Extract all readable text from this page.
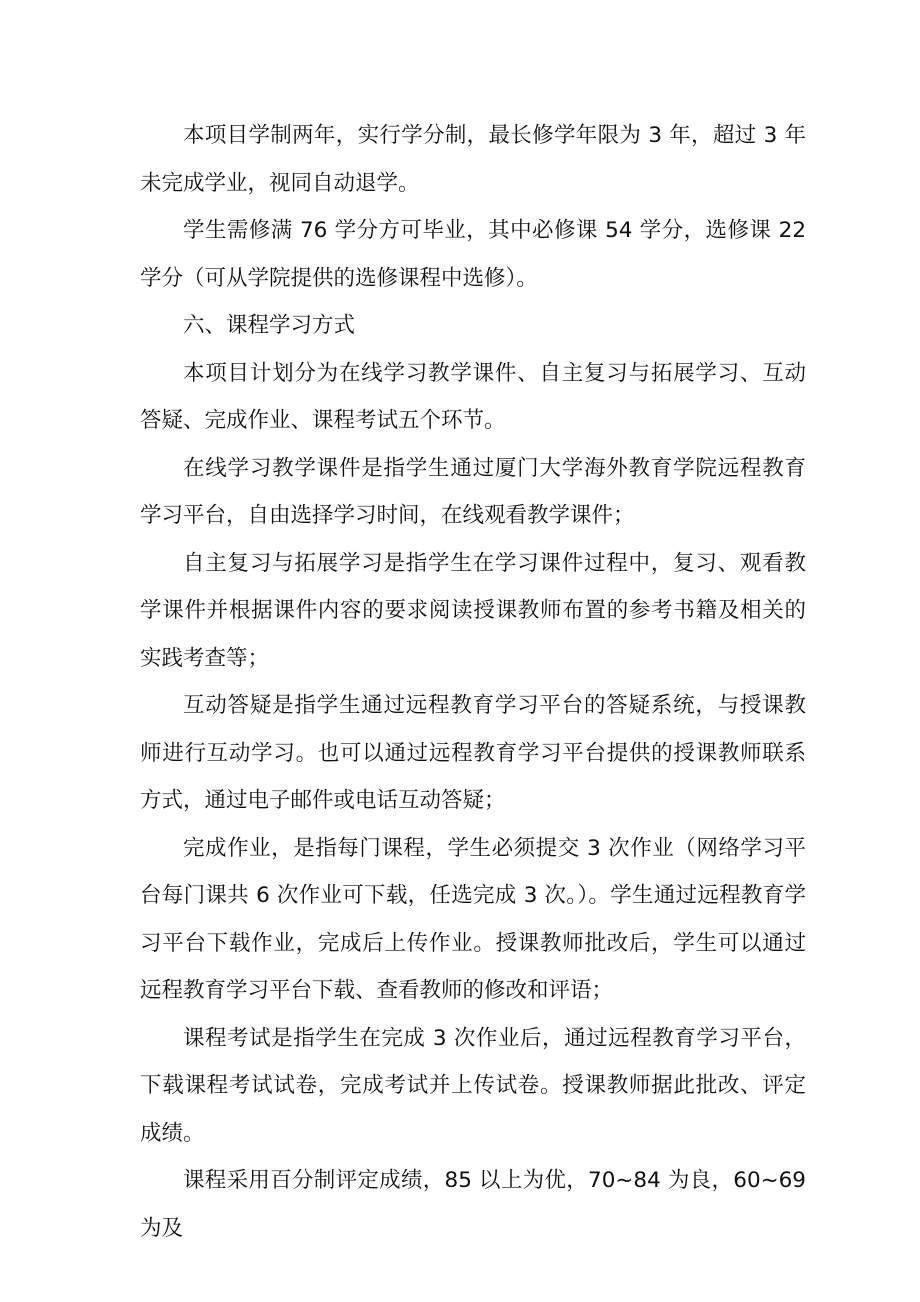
本项目学制两年，实行学分制，最长修学年限为 3 年，超过 3 年未完成学业，视同自动退学。

学生需修满 76 学分方可毕业，其中必修课 54 学分，选修课 22 学分（可从学院提供的选修课程中选修）。

六、课程学习方式

本项目计划分为在线学习教学课件、自主复习与拓展学习、互动答疑、完成作业、课程考试五个环节。

在线学习教学课件是指学生通过厦门大学海外教育学院远程教育学习平台，自由选择学习时间，在线观看教学课件；

自主复习与拓展学习是指学生在学习课件过程中，复习、观看教学课件并根据课件内容的要求阅读授课教师布置的参考书籍及相关的实践考查等；

互动答疑是指学生通过远程教育学习平台的答疑系统，与授课教师进行互动学习。也可以通过远程教育学习平台提供的授课教师联系方式，通过电子邮件或电话互动答疑；

完成作业，是指每门课程，学生必须提交 3 次作业（网络学习平台每门课共 6 次作业可下载，任选完成 3 次。）。学生通过远程教育学习平台下载作业，完成后上传作业。授课教师批改后，学生可以通过远程教育学习平台下载、查看教师的修改和评语；

课程考试是指学生在完成 3 次作业后，通过远程教育学习平台，下载课程考试试卷，完成考试并上传试卷。授课教师据此批改、评定成绩。

课程采用百分制评定成绩，85 以上为优，70~84 为良，60~69 为及
